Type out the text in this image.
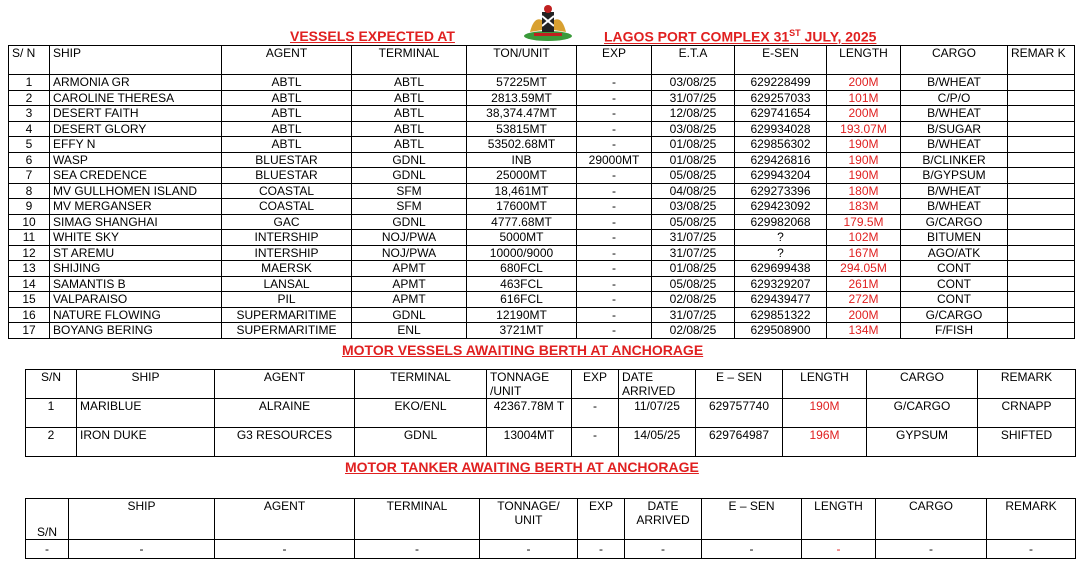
VESSELS EXPECTED AT	LAGOS PORT COMPLEX 31ST JULY, 2025
S/ N	SHIP	AGENT	TERMINAL	TON/UNIT	EXP	E.T.A	E-SEN	LENGTH	CARGO	REMAR K
1	ARMONIA GR	ABTL	ABTL	57225MT	-	03/08/25	629228499	200M	B/WHEAT	
2	CAROLINE THERESA	ABTL	ABTL	2813.59MT	-	31/07/25	629257033	101M	C/P/O	
3	DESERT FAITH	ABTL	ABTL	38,374.47MT	-	12/08/25	629741654	200M	B/WHEAT	
4	DESERT GLORY	ABTL	ABTL	53815MT	-	03/08/25	629934028	193.07M	B/SUGAR	
5	EFFY N	ABTL	ABTL	53502.68MT	-	01/08/25	629856302	190M	B/WHEAT	
6	WASP	BLUESTAR	GDNL	INB	29000MT	01/08/25	629426816	190M	B/CLINKER	
7	SEA CREDENCE	BLUESTAR	GDNL	25000MT	-	05/08/25	629943204	190M	B/GYPSUM	
8	MV GULLHOMEN ISLAND	COASTAL	SFM	18,461MT	-	04/08/25	629273396	180M	B/WHEAT	
9	MV MERGANSER	COASTAL	SFM	17600MT	-	03/08/25	629423092	183M	B/WHEAT	
10	SIMAG SHANGHAI	GAC	GDNL	4777.68MT	-	05/08/25	629982068	179.5M	G/CARGO	
11	WHITE SKY	INTERSHIP	NOJ/PWA	5000MT	-	31/07/25	?	102M	BITUMEN	
12	ST AREMU	INTERSHIP	NOJ/PWA	10000/9000	-	31/07/25	?	167M	AGO/ATK	
13	SHIJING	MAERSK	APMT	680FCL	-	01/08/25	629699438	294.05M	CONT	
14	SAMANTIS B	LANSAL	APMT	463FCL	-	05/08/25	629329207	261M	CONT	
15	VALPARAISO	PIL	APMT	616FCL	-	02/08/25	629439477	272M	CONT	
16	NATURE FLOWING	SUPERMARITIME	GDNL	12190MT	-	31/07/25	629851322	200M	G/CARGO	
17	BOYANG BERING	SUPERMARITIME	ENL	3721MT	-	02/08/25	629508900	134M	F/FISH	
MOTOR VESSELS AWAITING BERTH AT ANCHORAGE
S/N	SHIP	AGENT	TERMINAL	TONNAGE /UNIT	EXP	DATE ARRIVED	E – SEN	LENGTH	CARGO	REMARK
1	MARIBLUE	ALRAINE	EKO/ENL	42367.78M T	-	11/07/25	629757740	190M	G/CARGO	CRNAPP
2	IRON DUKE	G3 RESOURCES	GDNL	13004MT	-	14/05/25	629764987	196M	GYPSUM	SHIFTED
MOTOR TANKER AWAITING BERTH AT ANCHORAGE
S/N	SHIP	AGENT	TERMINAL	TONNAGE/ UNIT	EXP	DATE ARRIVED	E – SEN	LENGTH	CARGO	REMARK
-	-	-	-	-	-	-	-	-	-	-
